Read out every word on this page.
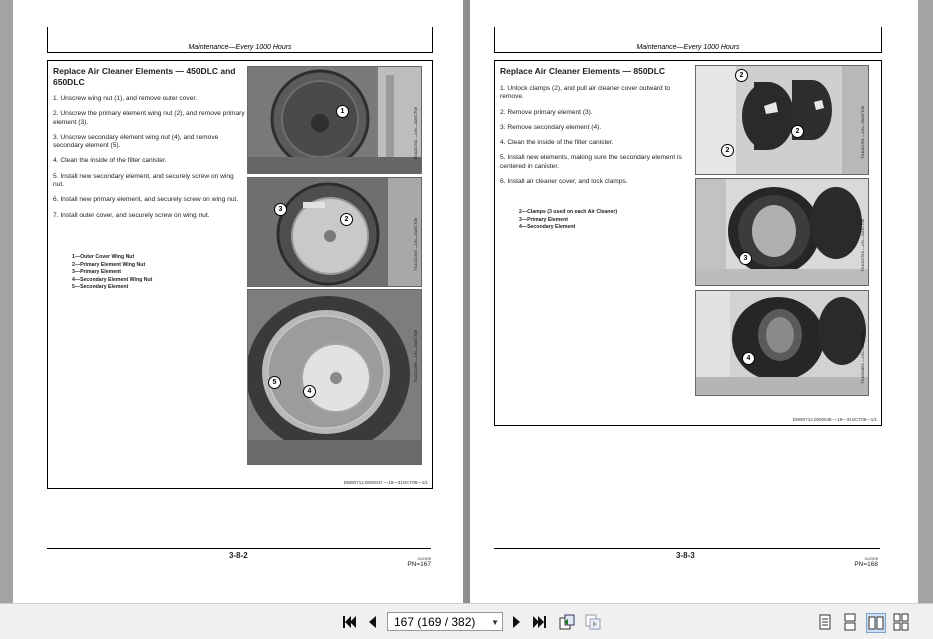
Maintenance—Every 1000 Hours
Replace Air Cleaner Elements — 450DLC and 650DLC
1. Unscrew wing nut (1), and remove outer cover.
2. Unscrew the primary element wing nut (2), and remove primary element (3).
3. Unscrew secondary element wing nut (4), and remove secondary element (5).
4. Clean the inside of the filter canister.
5. Install new secondary element, and securely screw on wing nut.
6. Install new primary element, and securely screw on wing nut.
7. Install outer cover, and securely screw on wing nut.
1—Outer Cover Wing Nut
2—Primary Element Wing Nut
3—Primary Element
4—Secondary Element Wing Nut
5—Secondary Element
TX1021741 —UN—31OCT06
1
TX1021745 —UN—31OCT06
3
2
TX1021746 —UN—31OCT06
5
4
DW90712,0000047 —19—31OCT06—1/1
3-8-2	012909
PN=167
Maintenance—Every 1000 Hours
Replace Air Cleaner Elements — 850DLC
1. Unlock clamps (2), and pull air cleaner cover outward to remove.
2. Remove primary element (3).
3. Remove secondary element (4).
4. Clean the inside of the filter canister.
5. Install new elements, making sure the secondary element is centered in canister.
6. Install air cleaner cover, and lock clamps.
2—Clamps (3 used on each Air Cleaner)
3—Primary Element
4—Secondary Element
TX1021751 —UN—31OCT06
2
2
2
TX1021753 —UN—31OCT06
3
TX1021852 —UN—31OCT06
4
DW90712,0000048 —19—31OCT06—1/1
3-8-3	012909
PN=168
167 (169 / 382) ▼
